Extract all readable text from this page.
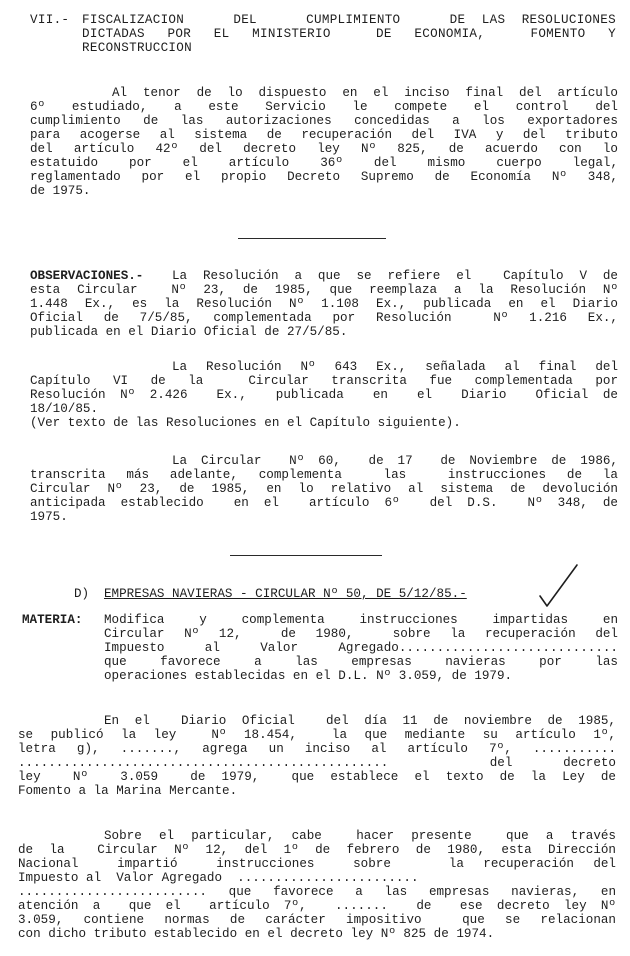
VII.- FISCALIZACION   DEL   CUMPLIMIENTO   DE LAS RESOLUCIONES
DICTADAS POR EL MINISTERIO  DE ECONOMIA,  FOMENTO Y
RECONSTRUCCION
Al tenor de lo dispuesto en el inciso final del artículo
6º estudiado, a este Servicio le compete el control del
cumplimiento de las autorizaciones concedidas a los exportadores
para acogerse al sistema de recuperación del IVA y del tributo
del artículo 42º del decreto ley Nº 825, de acuerdo con lo
estatuido por el artículo 36º del mismo cuerpo legal,
reglamentado por el propio Decreto Supremo de Economía Nº 348,
de 1975.
OBSERVACIONES.- La Resolución a que se refiere el  Capítulo V de
esta Circular  Nº 23, de 1985, que reemplaza a la Resolución Nº
1.448 Ex., es la Resolución Nº 1.108 Ex., publicada en el Diario
Oficial de 7/5/85, complementada por Resolución  Nº 1.216 Ex.,
publicada en el Diario Oficial de 27/5/85.
La Resolución Nº 643 Ex., señalada al final del
Capítulo VI de la  Circular transcrita fue complementada por
Resolución Nº 2.426  Ex.,  publicada  en  el  Diario  Oficial de
18/10/85.
(Ver texto de las Resoluciones en el Capítulo siguiente).
La Circular  Nº 60,  de 17  de Noviembre de 1986,
transcrita más adelante, complementa  las  instrucciones de la
Circular Nº 23, de 1985, en lo relativo al sistema de devolución
anticipada establecido  en el  artículo 6º  del D.S.  Nº 348, de
1975.
D) EMPRESAS NAVIERAS - CIRCULAR Nº 50, DE 5/12/85.-
MATERIA: Modifica y complementa instrucciones impartidas en
Circular Nº 12,  de 1980,  sobre la recuperación del
Impuesto al Valor Agregado.............................
que  favorece  a  las  empresas  navieras  por  las
operaciones establecidas en el D.L. Nº 3.059, de 1979.
En el  Diario Oficial  del día 11 de noviembre de 1985,
se publicó la ley  Nº 18.454,  la que mediante su artículo 1º,
letra g), ......., agrega un inciso al artículo 7º, ...........
.................................................  del decreto
ley  Nº  3.059  de 1979,  que establece el texto de la Ley de
Fomento a la Marina Mercante.
Sobre el particular, cabe  hacer presente  que a través
de la  Circular Nº 12, del 1º de febrero de 1980, esta Dirección
Nacional  impartió  instrucciones  sobre   la recuperación del
Impuesto al  Valor Agregado  ........................
......................... que favorece a las empresas navieras, en
atención a  que el  artículo 7º,  .......  de  ese decreto ley Nº
3.059, contiene normas de carácter impositivo  que se relacionan
con dicho tributo establecido en el decreto ley Nº 825 de 1974.
